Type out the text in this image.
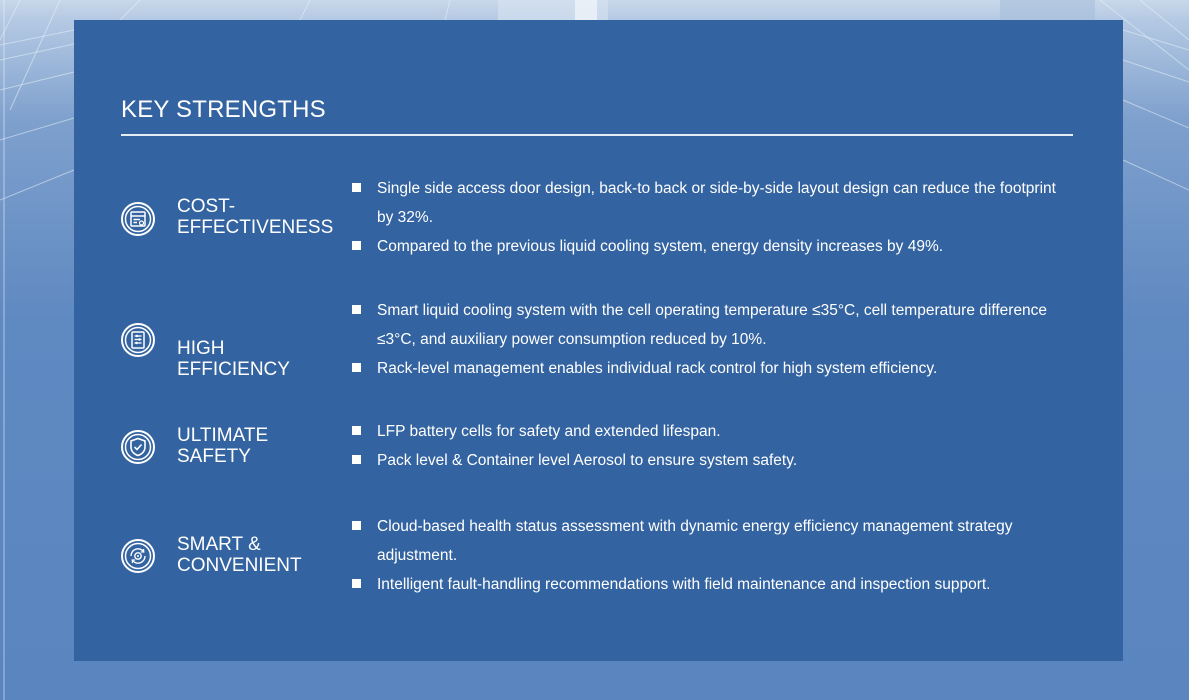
KEY STRENGTHS
COST-
EFFECTIVENESS
Single side access door design, back-to back or side-by-side layout design can reduce the footprint by 32%.
Compared to the previous liquid cooling system, energy density increases by 49%.
HIGH
EFFICIENCY
Smart liquid cooling system with the cell operating temperature ≤35°C, cell temperature difference ≤3°C, and auxiliary power consumption reduced by 10%.
Rack-level management enables individual rack control for high system efficiency.
ULTIMATE
SAFETY
LFP battery cells for safety and extended lifespan.
Pack level & Container level Aerosol to ensure system safety.
SMART &
CONVENIENT
Cloud-based health status assessment with dynamic energy efficiency management strategy adjustment.
Intelligent fault-handling recommendations with field maintenance and inspection support.
